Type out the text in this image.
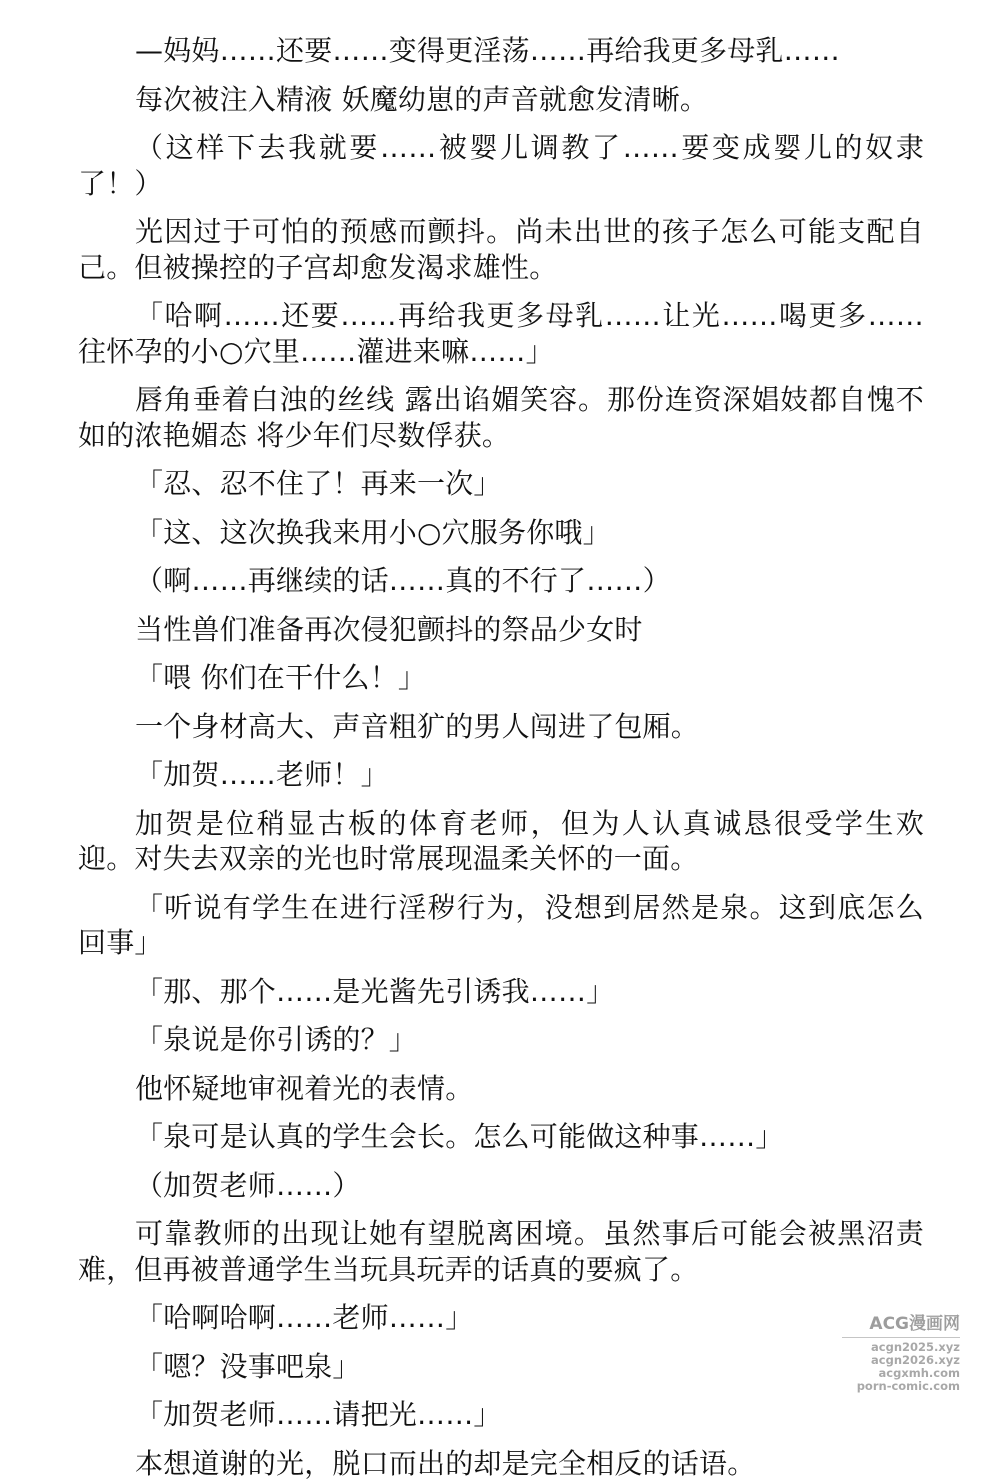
—妈妈……还要……变得更淫荡……再给我更多母乳……

每次被注入精液 妖魔幼崽的声音就愈发清晰。

（这样下去我就要……被婴儿调教了……要变成婴儿的奴隶了！）

光因过于可怕的预感而颤抖。尚未出世的孩子怎么可能支配自己。但被操控的子宫却愈发渴求雄性。

「哈啊……还要……再给我更多母乳……让光……喝更多……往怀孕的小○穴里……灌进来嘛……」

唇角垂着白浊的丝线 露出谄媚笑容。那份连资深娼妓都自愧不如的浓艳媚态 将少年们尽数俘获。

「忍、忍不住了！再来一次」

「这、这次换我来用小○穴服务你哦」

（啊……再继续的话……真的不行了……）

当性兽们准备再次侵犯颤抖的祭品少女时

「喂 你们在干什么！」

一个身材高大、声音粗犷的男人闯进了包厢。

「加贺……老师！」

加贺是位稍显古板的体育老师，但为人认真诚恳很受学生欢迎。对失去双亲的光也时常展现温柔关怀的一面。

「听说有学生在进行淫秽行为，没想到居然是泉。这到底怎么回事」

「那、那个……是光酱先引诱我……」

「泉说是你引诱的？」

他怀疑地审视着光的表情。

「泉可是认真的学生会长。怎么可能做这种事……」

（加贺老师……）

可靠教师的出现让她有望脱离困境。虽然事后可能会被黑沼责难，但再被普通学生当玩具玩弄的话真的要疯了。

「哈啊哈啊……老师……」

「嗯？没事吧泉」

「加贺老师……请把光……」

本想道谢的光，脱口而出的却是完全相反的话语。

ACG漫画网
acgn2025.xyz
acgn2026.xyz
acgxmh.com
porn-comic.com
